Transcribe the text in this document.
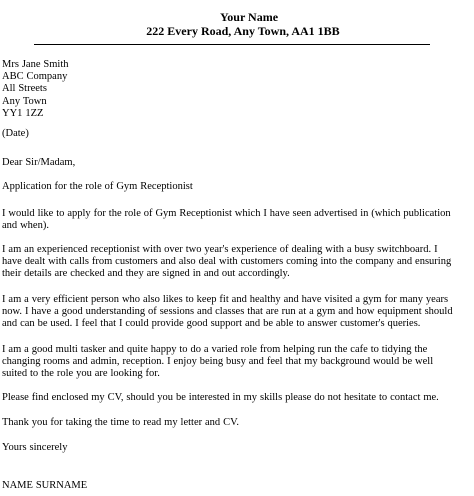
Your Name
222 Every Road, Any Town, AA1 1BB
Mrs Jane Smith
ABC Company
All Streets
Any Town
YY1 1ZZ
(Date)
Dear Sir/Madam,
Application for the role of Gym Receptionist
I would like to apply for the role of Gym Receptionist which I have seen advertised in (which publication
and when).
I am an experienced receptionist with over two year's experience of dealing with a busy switchboard. I
have dealt with calls from customers and also deal with customers coming into the company and ensuring
their details are checked and they are signed in and out accordingly.
I am a very efficient person who also likes to keep fit and healthy and have visited a gym for many years
now. I have a good understanding of sessions and classes that are run at a gym and how equipment should
and can be used. I feel that I could provide good support and be able to answer customer's queries.
I am a good multi tasker and quite happy to do a varied role from helping run the cafe to tidying the
changing rooms and admin, reception. I enjoy being busy and feel that my background would be well
suited to the role you are looking for.
Please find enclosed my CV, should you be interested in my skills please do not hesitate to contact me.
Thank you for taking the time to read my letter and CV.
Yours sincerely
NAME SURNAME
